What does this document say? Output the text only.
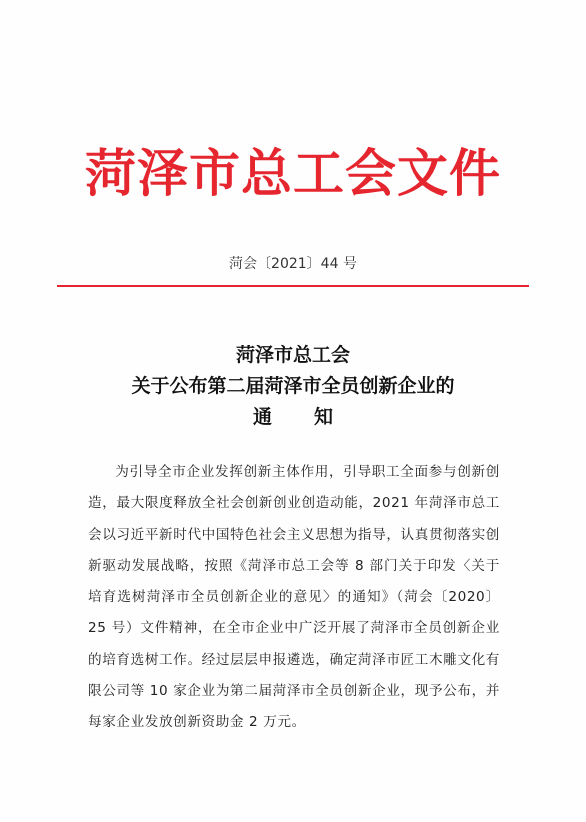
菏泽市总工会文件
菏会〔2021〕44 号
菏泽市总工会
关于公布第二届菏泽市全员创新企业的
通知
为引导全市企业发挥创新主体作用，引导职工全面参与创新创造，最大限度释放全社会创新创业创造动能，2021 年菏泽市总工会以习近平新时代中国特色社会主义思想为指导，认真贯彻落实创新驱动发展战略，按照《菏泽市总工会等 8 部门关于印发〈关于培育选树菏泽市全员创新企业的意见〉的通知》（菏会〔2020〕25 号）文件精神，在全市企业中广泛开展了菏泽市全员创新企业的培育选树工作。经过层层申报遴选，确定菏泽市匠工木雕文化有限公司等 10 家企业为第二届菏泽市全员创新企业，现予公布，并每家企业发放创新资助金 2 万元。
